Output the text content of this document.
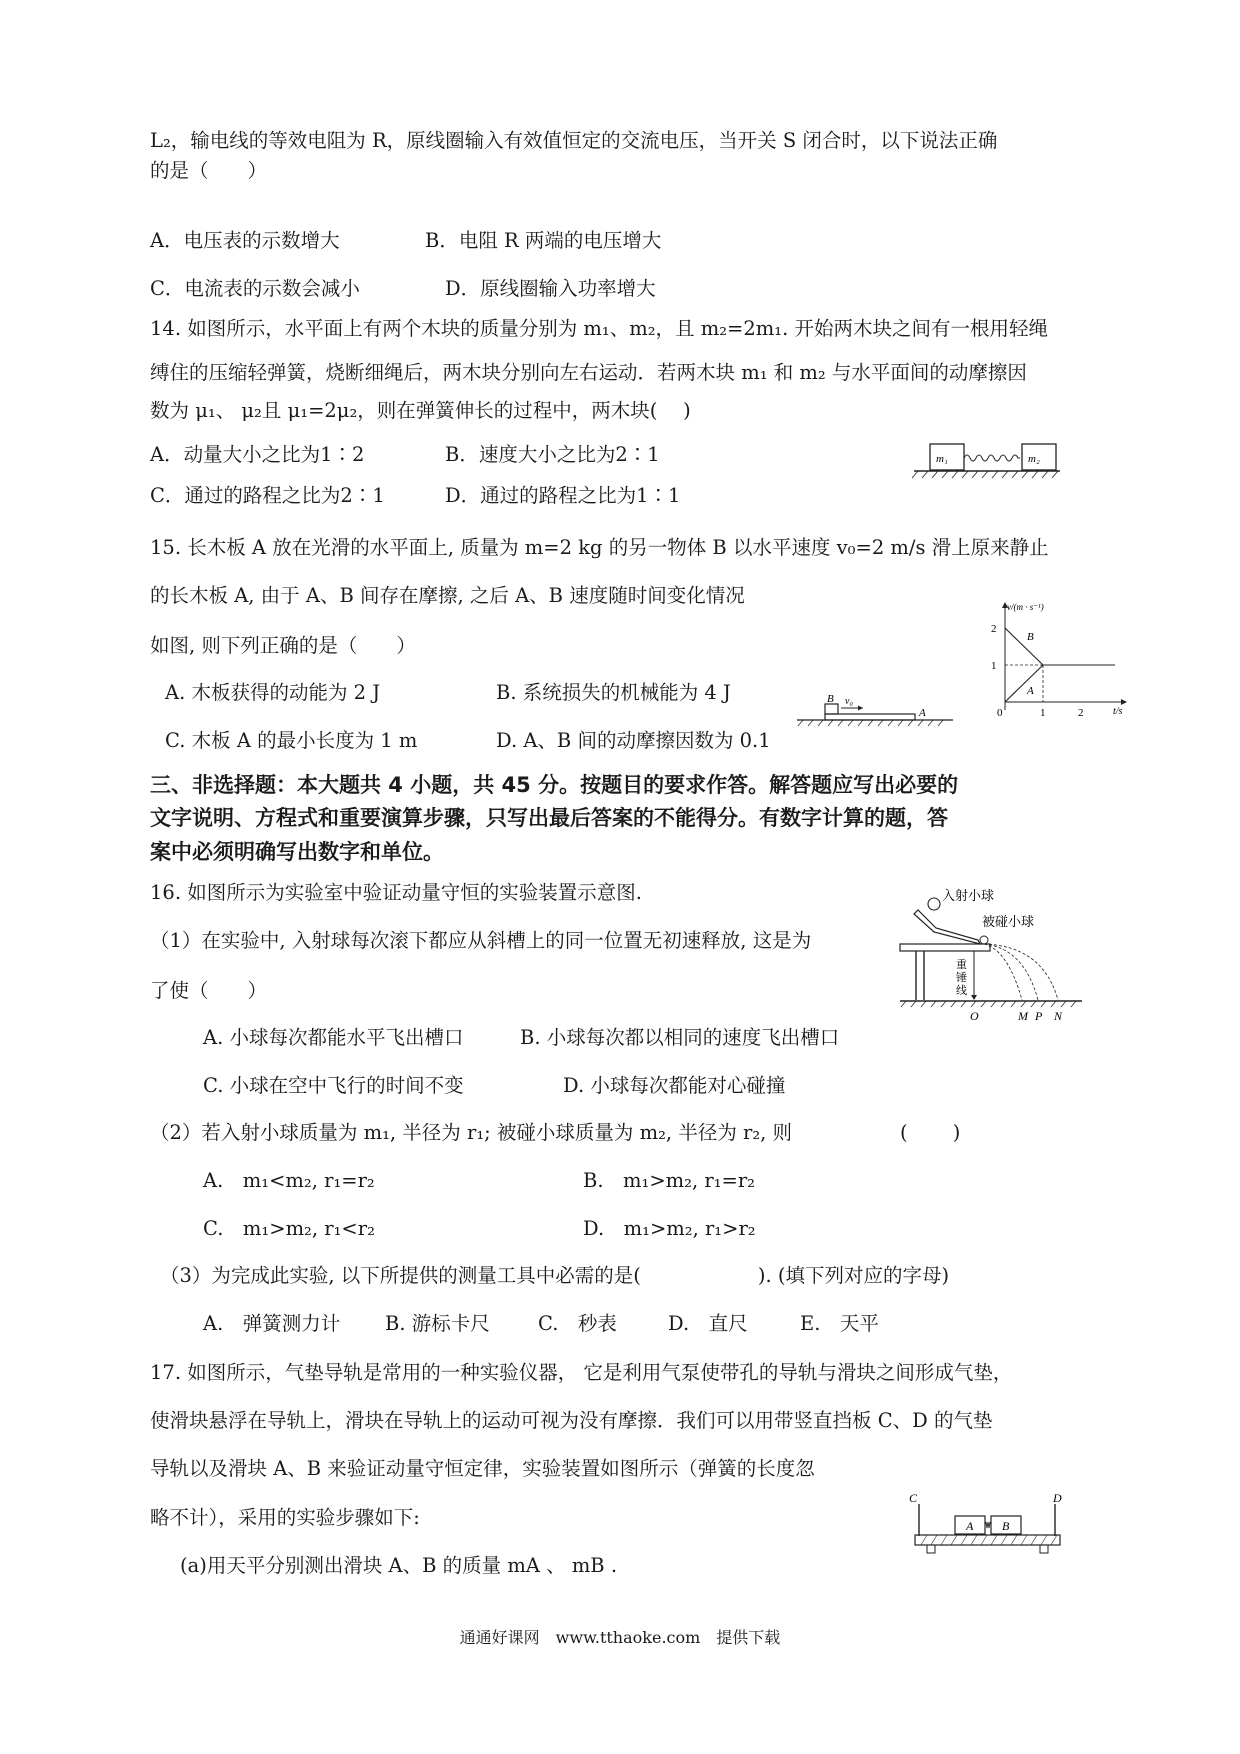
L₂，输电线的等效电阻为 R，原线圈输入有效值恒定的交流电压，当开关 S 闭合时，以下说法正确
的是（　　）
A．电压表的示数增大	B．电阻 R 两端的电压增大
C．电流表的示数会减小	D．原线圈输入功率增大
14. 如图所示，水平面上有两个木块的质量分别为 m₁、m₂，且 m₂=2m₁. 开始两木块之间有一根用轻绳
缚住的压缩轻弹簧，烧断细绳后，两木块分别向左右运动．若两木块 m₁ 和 m₂ 与水平面间的动摩擦因
数为 μ₁、 μ₂且 μ₁=2μ₂，则在弹簧伸长的过程中，两木块(　 )
A．动量大小之比为1∶2	B．速度大小之比为2∶1
C．通过的路程之比为2∶1	D．通过的路程之比为1∶1
m₁	m₂
15. 长木板 A 放在光滑的水平面上, 质量为 m=2 kg 的另一物体 B 以水平速度 v₀=2 m/s 滑上原来静止
的长木板 A, 由于 A、B 间存在摩擦, 之后 A、B 速度随时间变化情况
如图, 则下列正确的是（　　）
A. 木板获得的动能为 2 J	B. 系统损失的机械能为 4 J
C. 木板 A 的最小长度为 1 m	D. A、B 间的动摩擦因数为 0.1
B v₀
A
v/(m · s⁻¹)
2
1
0	1	2	t/s
B
A
三、非选择题：本大题共 4 小题，共 45 分。按题目的要求作答。解答题应写出必要的
文字说明、方程式和重要演算步骤，只写出最后答案的不能得分。有数字计算的题，答
案中必须明确写出数字和单位。
16. 如图所示为实验室中验证动量守恒的实验装置示意图.
（1）在实验中, 入射球每次滚下都应从斜槽上的同一位置无初速释放, 这是为
了使（　　）
A. 小球每次都能水平飞出槽口	B. 小球每次都以相同的速度飞出槽口
C. 小球在空中飞行的时间不变	D. 小球每次都能对心碰撞
（2）若入射小球质量为 m₁, 半径为 r₁; 被碰小球质量为 m₂, 半径为 r₂, 则	(　　 )
A.　m₁<m₂, r₁=r₂	B.　m₁>m₂, r₁=r₂
C.　m₁>m₂, r₁<r₂	D.　m₁>m₂, r₁>r₂
（3）为完成此实验, 以下所提供的测量工具中必需的是(　　　　　　). (填下列对应的字母)
A.　弹簧测力计 B. 游标卡尺 C.　秒表	D.　直尺	E.　天平
入射小球
被碰小球
重
锤
线
O	M P N
17. 如图所示，气垫导轨是常用的一种实验仪器， 它是利用气泵使带孔的导轨与滑块之间形成气垫，
使滑块悬浮在导轨上，滑块在导轨上的运动可视为没有摩擦．我们可以用带竖直挡板 C、D 的气垫
导轨以及滑块 A、B 来验证动量守恒定律，实验装置如图所示（弹簧的长度忽
略不计），采用的实验步骤如下:
(a)用天平分别测出滑块 A、B 的质量 mA 、 mB .
C	D
A B
通通好课网　www.tthaoke.com　提供下载
